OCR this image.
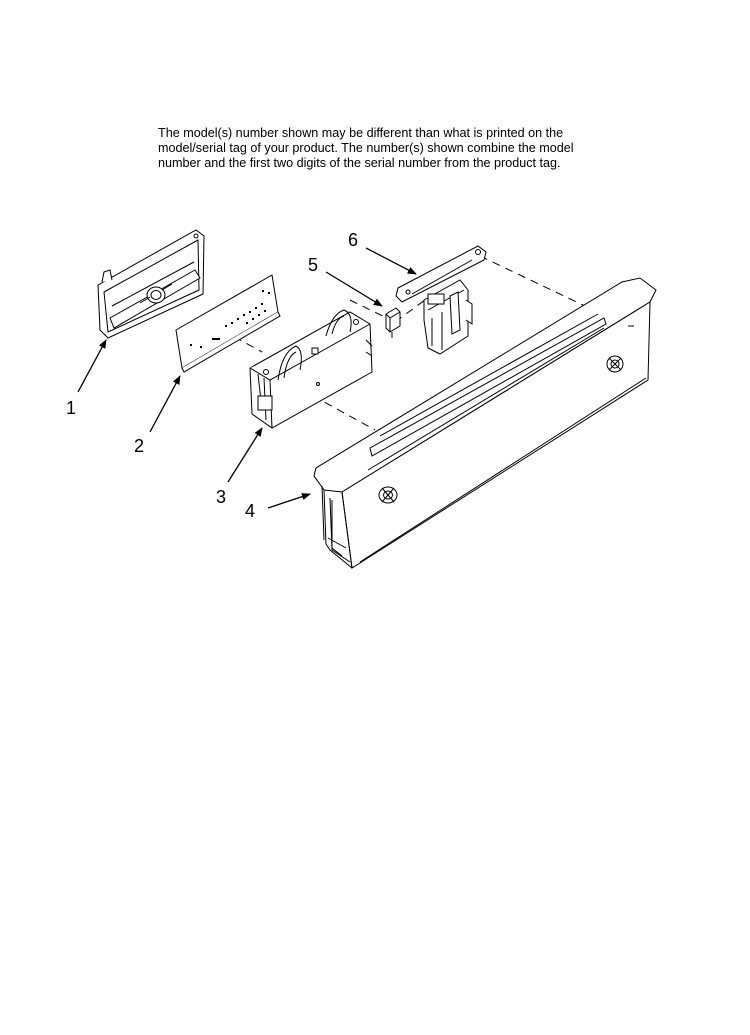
The model(s) number shown may be different than what is printed on the
model/serial tag of your product. The number(s) shown combine the model
number and the first two digits of the serial number from the product tag.
1
2
3
4
5
6
